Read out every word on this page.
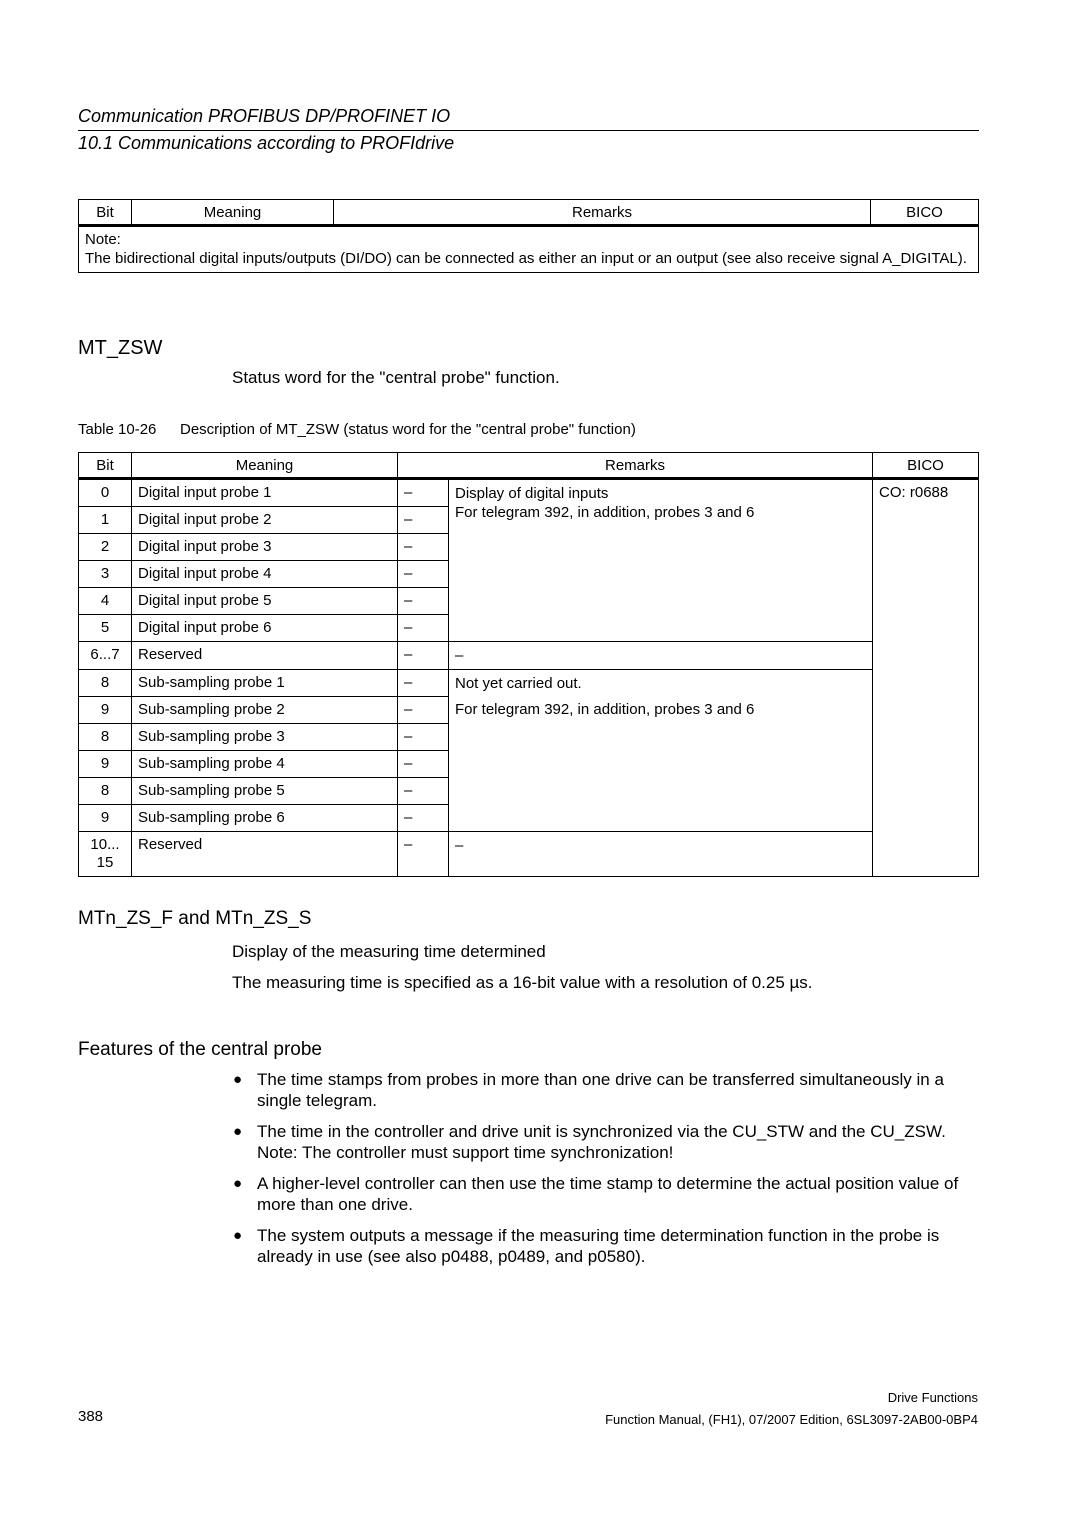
Communication PROFIBUS DP/PROFINET IO
10.1 Communications according to PROFIdrive
Bit	Meaning	Remarks	BICO

Note:
The bidirectional digital inputs/outputs (DI/DO) can be connected as either an input or an output (see also receive signal A_DIGITAL).
MT_ZSW
Status word for the "central probe" function.
Table 10-26 Description of MT_ZSW (status word for the "central probe" function)
Bit	Meaning	Remarks		BICO
0	Digital input probe 1	–	Display of digital inputs
For telegram 392, in addition, probes 3 and 6	CO: r0688
1	Digital input probe 2	–		
2	Digital input probe 3	–		
3	Digital input probe 4	–		
4	Digital input probe 5	–		
5	Digital input probe 6	–		
6...7	Reserved	–	–	
8	Sub-sampling probe 1	–	Not yet carried out.
For telegram 392, in addition, probes 3 and 6	

9	Sub-sampling probe 2	–		
8	Sub-sampling probe 3	–		
9	Sub-sampling probe 4	–		
8	Sub-sampling probe 5	–		
9	Sub-sampling probe 6	–		
10...
15	Reserved	–	–	
MTn_ZS_F and MTn_ZS_S
Display of the measuring time determined
The measuring time is specified as a 16-bit value with a resolution of 0.25 µs.
Features of the central probe
● The time stamps from probes in more than one drive can be transferred simultaneously in a single telegram.
● The time in the controller and drive unit is synchronized via the CU_STW and the CU_ZSW.
Note: The controller must support time synchronization!
● A higher-level controller can then use the time stamp to determine the actual position value of more than one drive.
● The system outputs a message if the measuring time determination function in the probe is already in use (see also p0488, p0489, and p0580).
Drive Functions
Function Manual, (FH1), 07/2007 Edition, 6SL3097-2AB00-0BP4
388
